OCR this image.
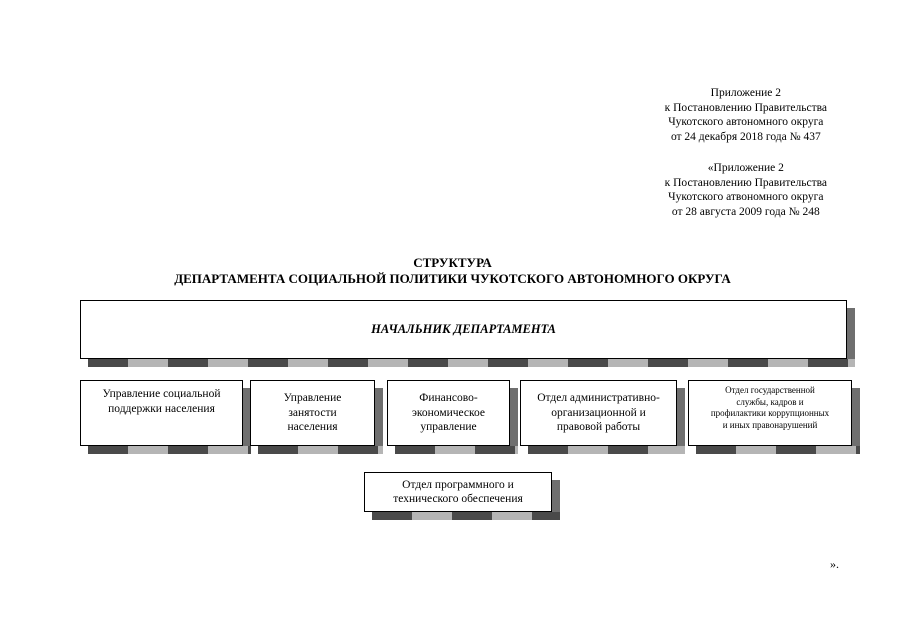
Приложение 2
к Постановлению Правительства
Чукотского автономного округа
от 24 декабря 2018 года № 437
«Приложение 2
к Постановлению Правительства
Чукотского атвономного округа
от 28 августа 2009 года № 248
СТРУКТУРА
ДЕПАРТАМЕНТА СОЦИАЛЬНОЙ ПОЛИТИКИ ЧУКОТСКОГО АВТОНОМНОГО ОКРУГА
НАЧАЛЬНИК ДЕПАРТАМЕНТА
Управление социальной
поддержки населения
Управление
занятости
населения
Финансово-
экономическое
управление
Отдел административно-
организационной и
правовой работы
Отдел государственной
службы, кадров и
профилактики коррупционных
и иных правонарушений
Отдел программного и
технического обеспечения
».
